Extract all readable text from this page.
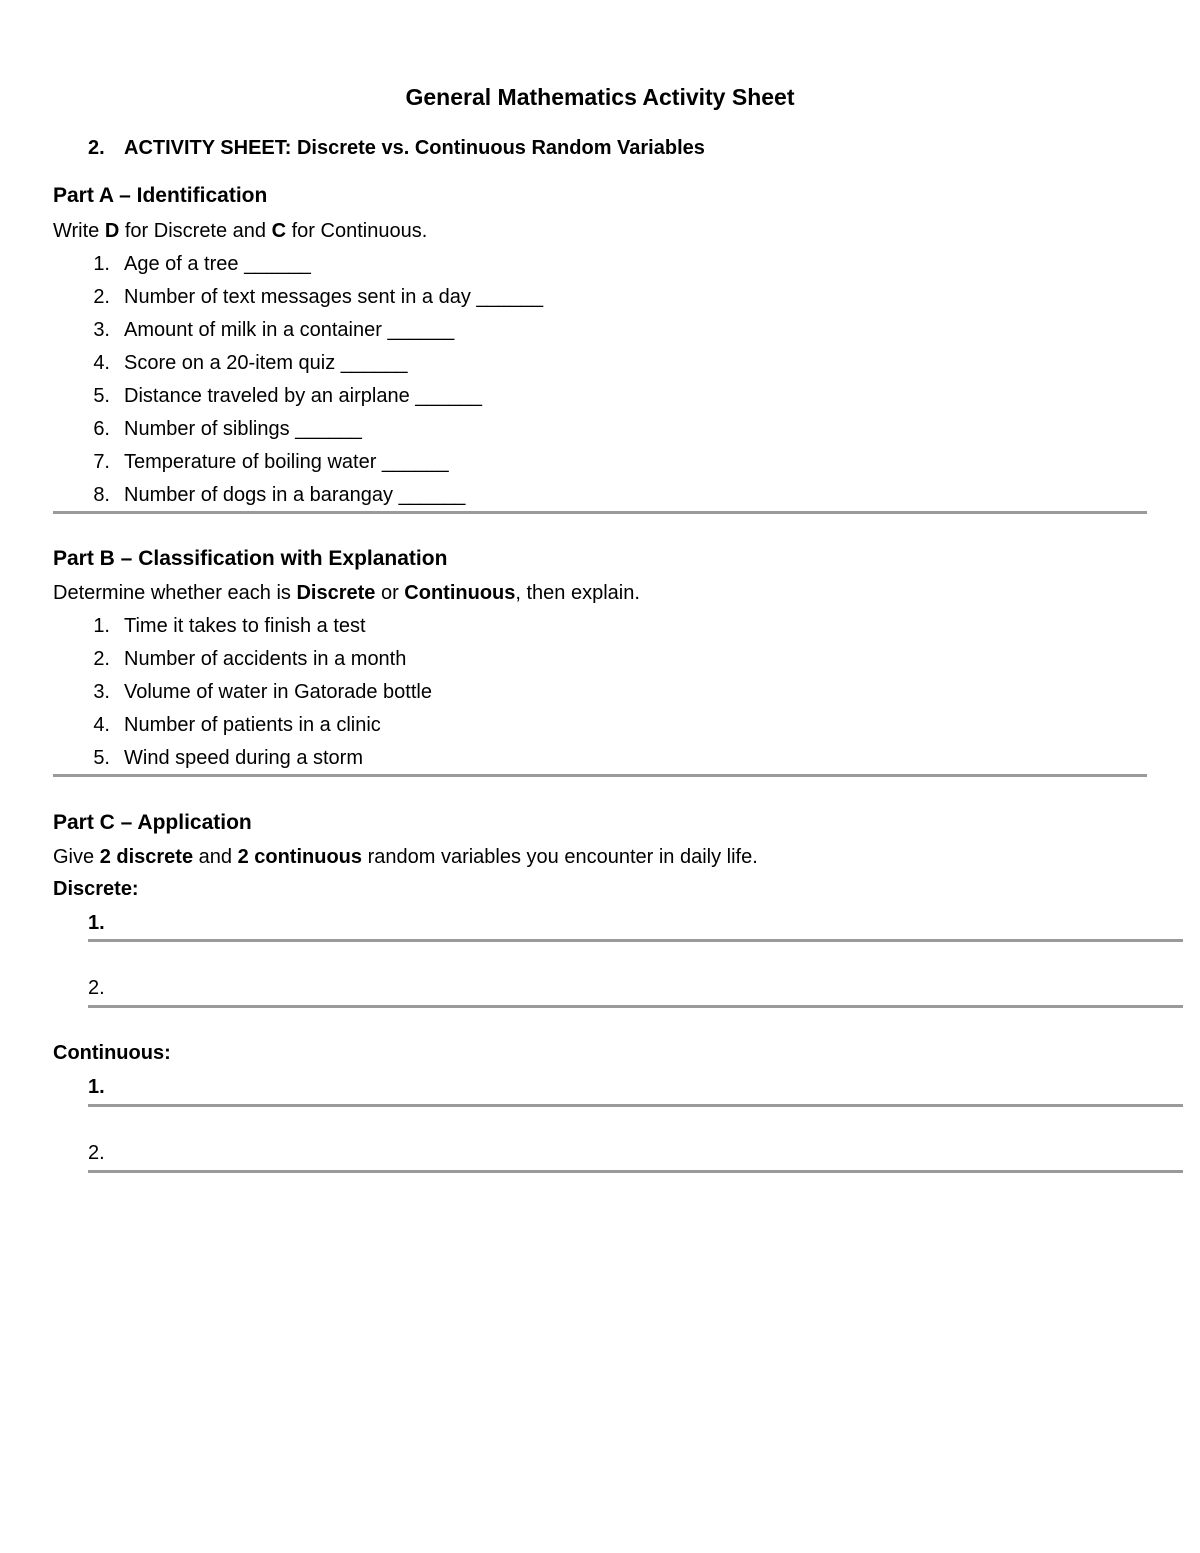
General Mathematics Activity Sheet
2. ACTIVITY SHEET: Discrete vs. Continuous Random Variables
Part A – Identification
Write D for Discrete and C for Continuous.
1. Age of a tree ______
2. Number of text messages sent in a day ______
3. Amount of milk in a container ______
4. Score on a 20-item quiz ______
5. Distance traveled by an airplane ______
6. Number of siblings ______
7. Temperature of boiling water ______
8. Number of dogs in a barangay ______
Part B – Classification with Explanation
Determine whether each is Discrete or Continuous, then explain.
1. Time it takes to finish a test
2. Number of accidents in a month
3. Volume of water in Gatorade bottle
4. Number of patients in a clinic
5. Wind speed during a storm
Part C – Application
Give 2 discrete and 2 continuous random variables you encounter in daily life.
Discrete:
1.
2.
Continuous:
1.
2.
